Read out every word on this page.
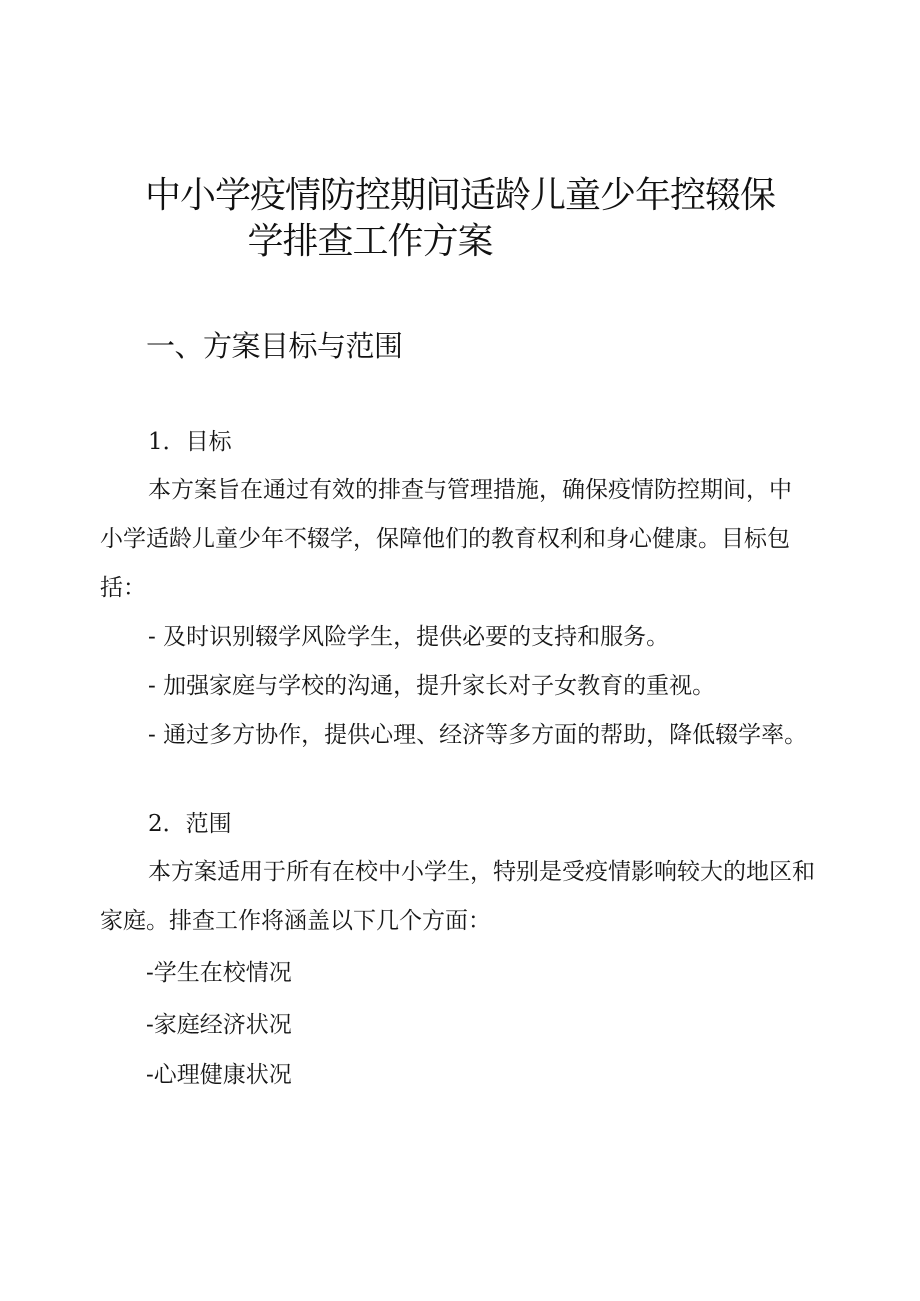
中小学疫情防控期间适龄儿童少年控辍保
学排查工作方案
一、方案目标与范围
1．目标
本方案旨在通过有效的排查与管理措施，确保疫情防控期间，中
小学适龄儿童少年不辍学，保障他们的教育权利和身心健康。目标包
括：
- 及时识别辍学风险学生，提供必要的支持和服务。
- 加强家庭与学校的沟通，提升家长对子女教育的重视。
- 通过多方协作，提供心理、经济等多方面的帮助，降低辍学率。
2．范围
本方案适用于所有在校中小学生，特别是受疫情影响较大的地区和
家庭。排查工作将涵盖以下几个方面：
-学生在校情况
-家庭经济状况
-心理健康状况
